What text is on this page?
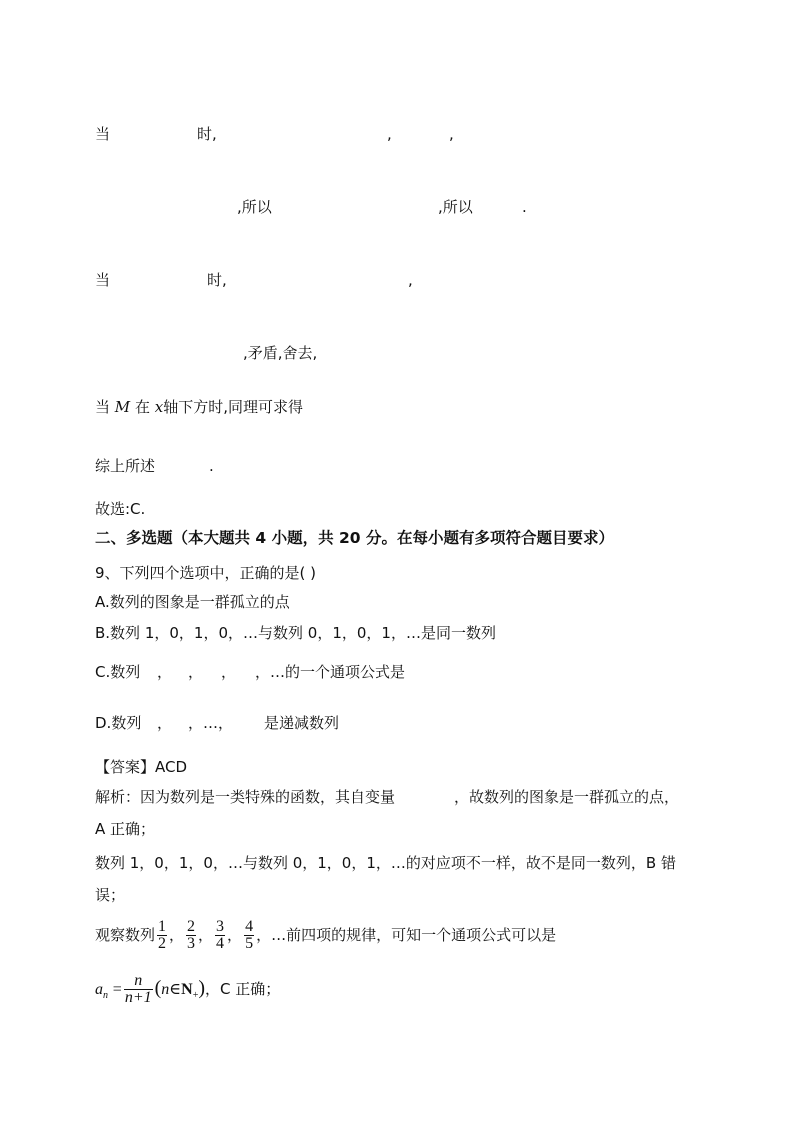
当	时,	,	,
,所以	,所以	.
当	时,	,
,矛盾,舍去,
当 M 在 x轴下方时,同理可求得
综上所述	.
故选:C.
二、多选题（本大题共 4 小题，共 20 分。在每小题有多项符合题目要求）
9、下列四个选项中，正确的是( )
A.数列的图象是一群孤立的点
B.数列 1，0，1，0，…与数列 0，1，0，1，…是同一数列
C.数列 ， ， ， ，…的一个通项公式是
D.数列 ， ，…， 是递减数列
【答案】ACD
解析：因为数列是一类特殊的函数，其自变量	，故数列的图象是一群孤立的点，
A 正确；
数列 1，0，1，0，…与数列 0，1，0，1，…的对应项不一样，故不是同一数列，B 错
误；
观察数列 $\frac{1}{2}$ ， $\frac{2}{3}$ ， $\frac{3}{4}$ ， $\frac{4}{5}$ ，…前四项的规律，可知一个通项公式可以是
$a_n = \frac{n}{n+1}$ $(n\in N_+)$，C 正确；
